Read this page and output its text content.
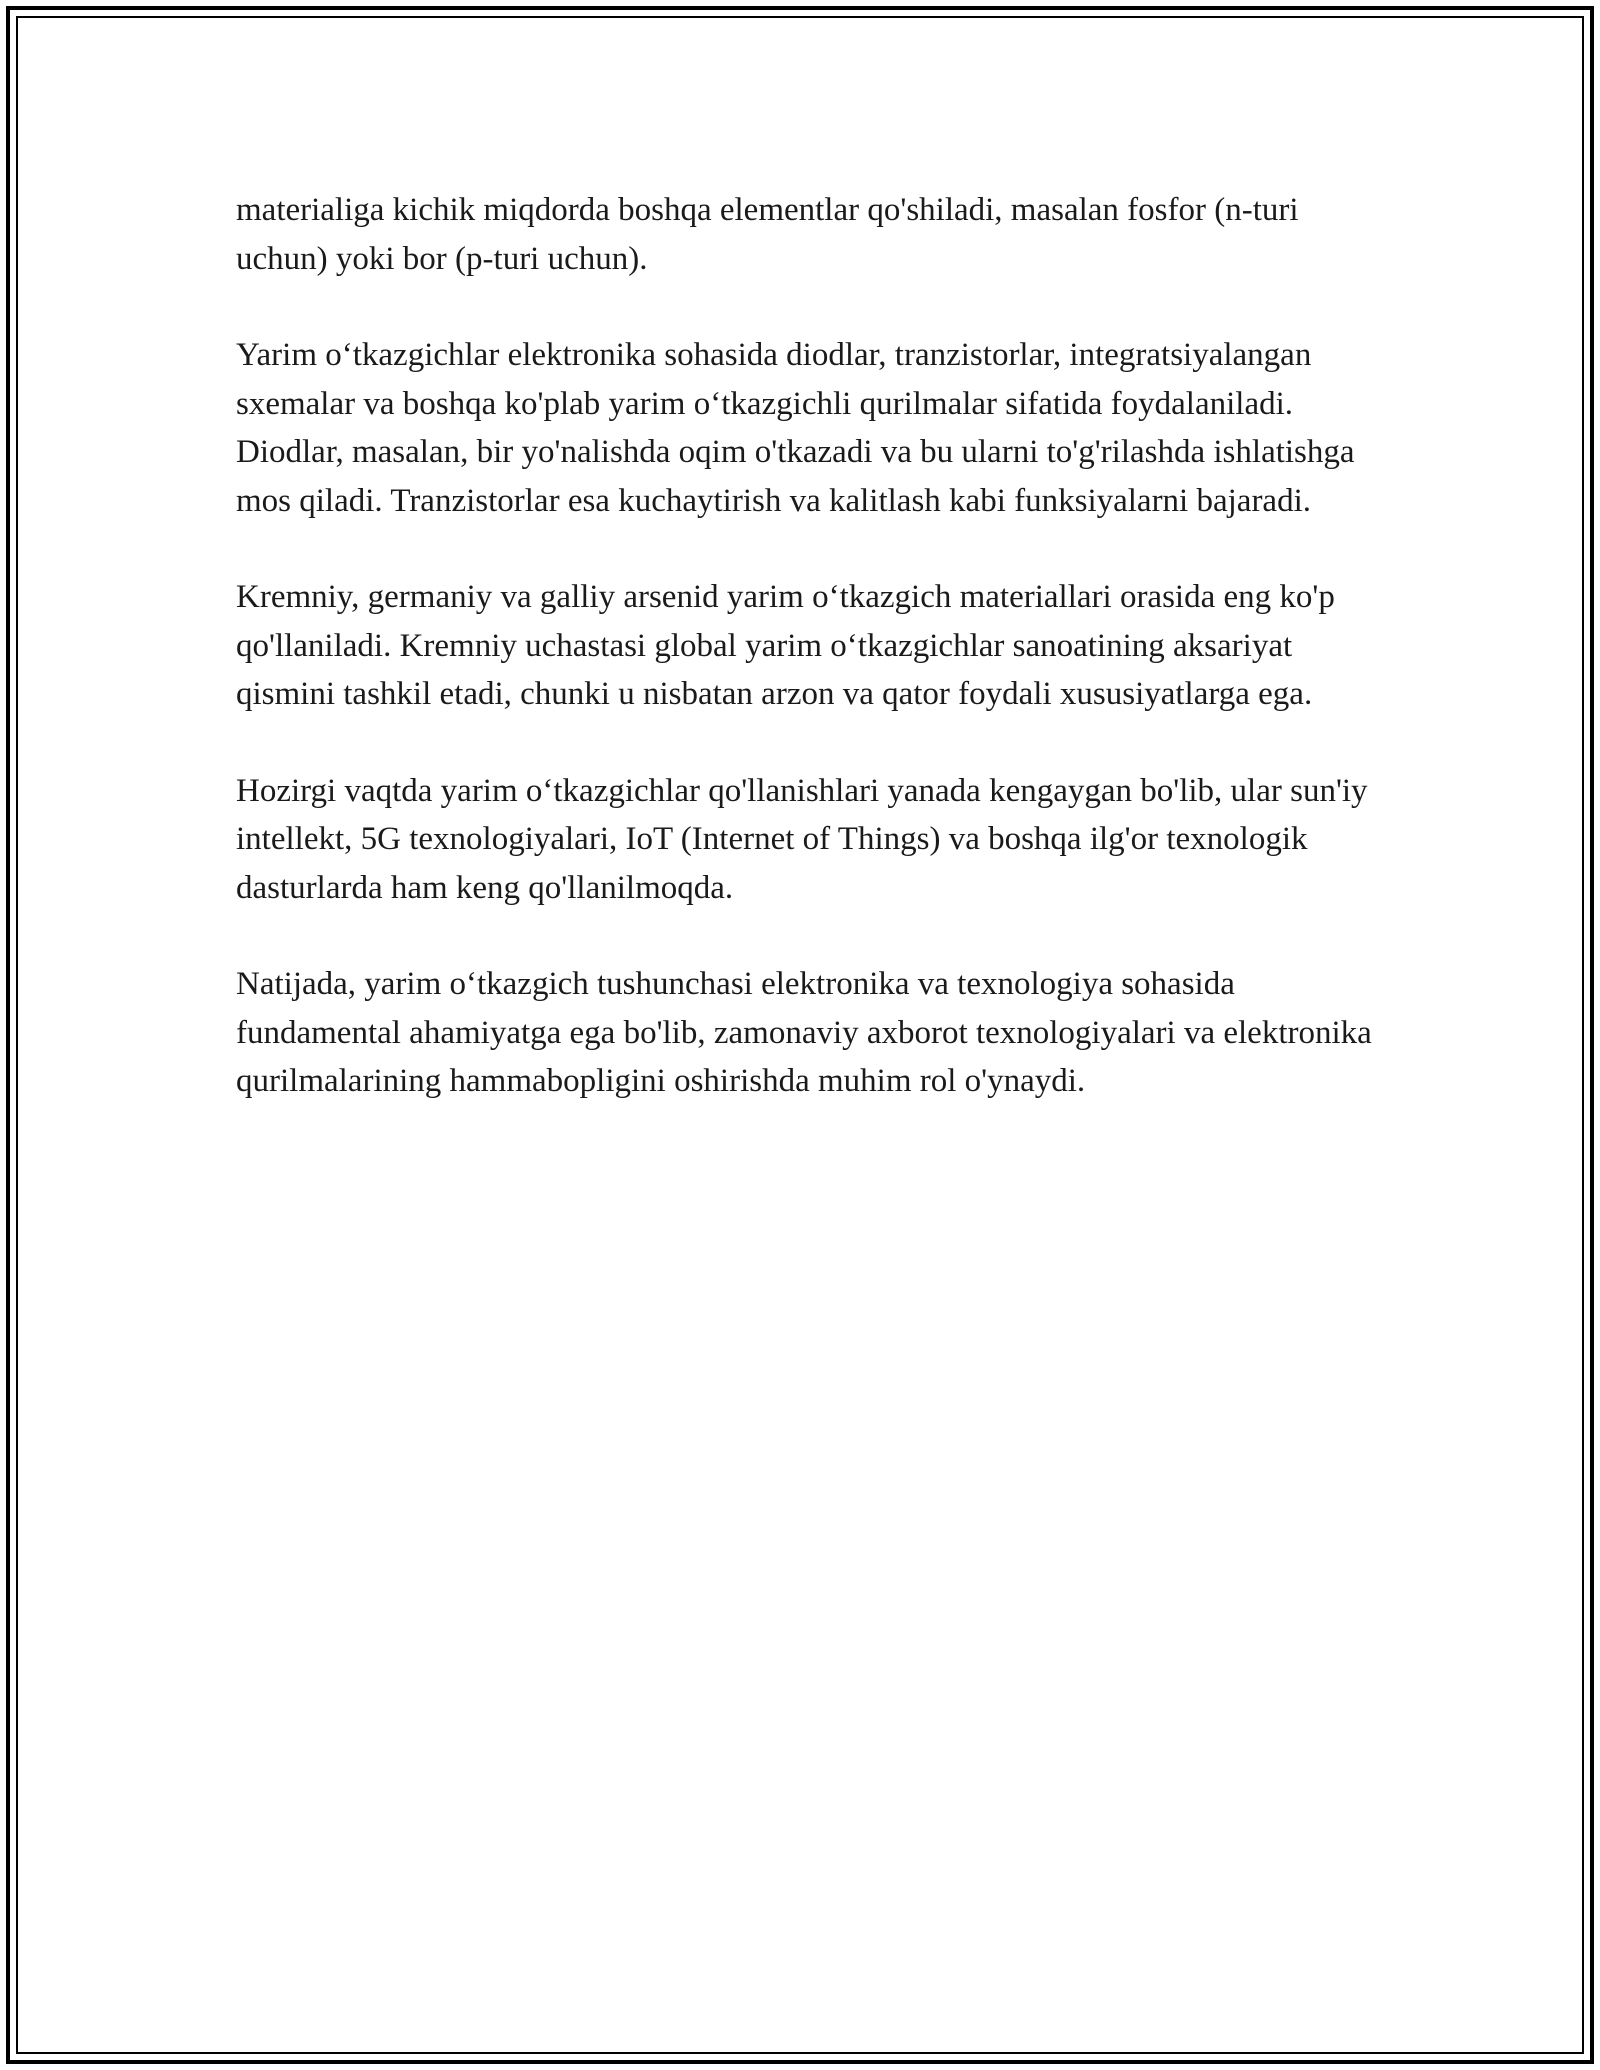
materialiga kichik miqdorda boshqa elementlar qo'shiladi, masalan fosfor (n-turi uchun) yoki bor (p-turi uchun).

Yarim o‘tkazgichlar elektronika sohasida diodlar, tranzistorlar, integratsiyalangan sxemalar va boshqa ko'plab yarim o‘tkazgichli qurilmalar sifatida foydalaniladi. Diodlar, masalan, bir yo'nalishda oqim o'tkazadi va bu ularni to'g'rilashda ishlatishga mos qiladi. Tranzistorlar esa kuchaytirish va kalitlash kabi funksiyalarni bajaradi.

Kremniy, germaniy va galliy arsenid yarim o‘tkazgich materiallari orasida eng ko'p qo'llaniladi. Kremniy uchastasi global yarim o‘tkazgichlar sanoatining aksariyat qismini tashkil etadi, chunki u nisbatan arzon va qator foydali xususiyatlarga ega.

Hozirgi vaqtda yarim o‘tkazgichlar qo'llanishlari yanada kengaygan bo'lib, ular sun'iy intellekt, 5G texnologiyalari, IoT (Internet of Things) va boshqa ilg'or texnologik dasturlarda ham keng qo'llanilmoqda.

Natijada, yarim o‘tkazgich tushunchasi elektronika va texnologiya sohasida fundamental ahamiyatga ega bo'lib, zamonaviy axborot texnologiyalari va elektronika qurilmalarining hammabopligini oshirishda muhim rol o'ynaydi.
